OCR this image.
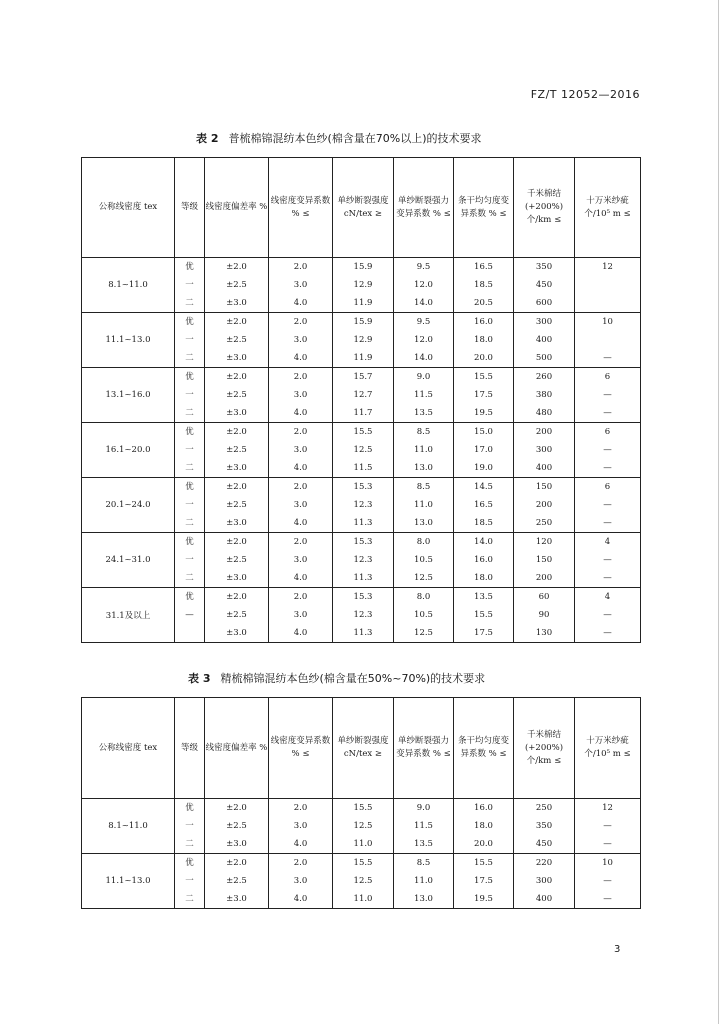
FZ/T 12052—2016
表 2 普梳棉锦混纺本色纱(棉含量在70%以上)的技术要求
公称线密度 tex	等级	线密度偏差率 %	线密度变异系数 % ≤	单纱断裂强度 cN/tex ≥	单纱断裂强力变异系数 % ≤	条干均匀度变异系数 % ≤	千米棉结(+200%) 个/km ≤	十万米纱疵 个/10⁵ m ≤
8.1~11.0	优	±2.0	2.0	15.9	9.5	16.5	350	12
	一	±2.5	3.0	12.9	12.0	18.5	450	
	二	±3.0	4.0	11.9	14.0	20.5	600	
11.1~13.0	优	±2.0	2.0	15.9	9.5	16.0	300	10
	一	±2.5	3.0	12.9	12.0	18.0	400	
	二	±3.0	4.0	11.9	14.0	20.0	500	—
13.1~16.0	优	±2.0	2.0	15.7	9.0	15.5	260	6
	一	±2.5	3.0	12.7	11.5	17.5	380	—
	二	±3.0	4.0	11.7	13.5	19.5	480	—
16.1~20.0	优	±2.0	2.0	15.5	8.5	15.0	200	6
	一	±2.5	3.0	12.5	11.0	17.0	300	—
	二	±3.0	4.0	11.5	13.0	19.0	400	—
20.1~24.0	优	±2.0	2.0	15.3	8.5	14.5	150	6
	一	±2.5	3.0	12.3	11.0	16.5	200	—
	二	±3.0	4.0	11.3	13.0	18.5	250	—
24.1~31.0	优	±2.0	2.0	15.3	8.0	14.0	120	4
	一	±2.5	3.0	12.3	10.5	16.0	150	—
	二	±3.0	4.0	11.3	12.5	18.0	200	—
31.1及以上	优	±2.0	2.0	15.3	8.0	13.5	60	4
	—	±2.5	3.0	12.3	10.5	15.5	90	—
		±3.0	4.0	11.3	12.5	17.5	130	—
表 3 精梳棉锦混纺本色纱(棉含量在50%~70%)的技术要求
公称线密度 tex	等级	线密度偏差率 %	线密度变异系数 % ≤	单纱断裂强度 cN/tex ≥	单纱断裂强力变异系数 % ≤	条干均匀度变异系数 % ≤	千米棉结(+200%) 个/km ≤	十万米纱疵 个/10⁵ m ≤
8.1~11.0	优	±2.0	2.0	15.5	9.0	16.0	250	12
	一	±2.5	3.0	12.5	11.5	18.0	350	—
	二	±3.0	4.0	11.0	13.5	20.0	450	—
11.1~13.0	优	±2.0	2.0	15.5	8.5	15.5	220	10
	一	±2.5	3.0	12.5	11.0	17.5	300	—
	二	±3.0	4.0	11.0	13.0	19.5	400	—
3
